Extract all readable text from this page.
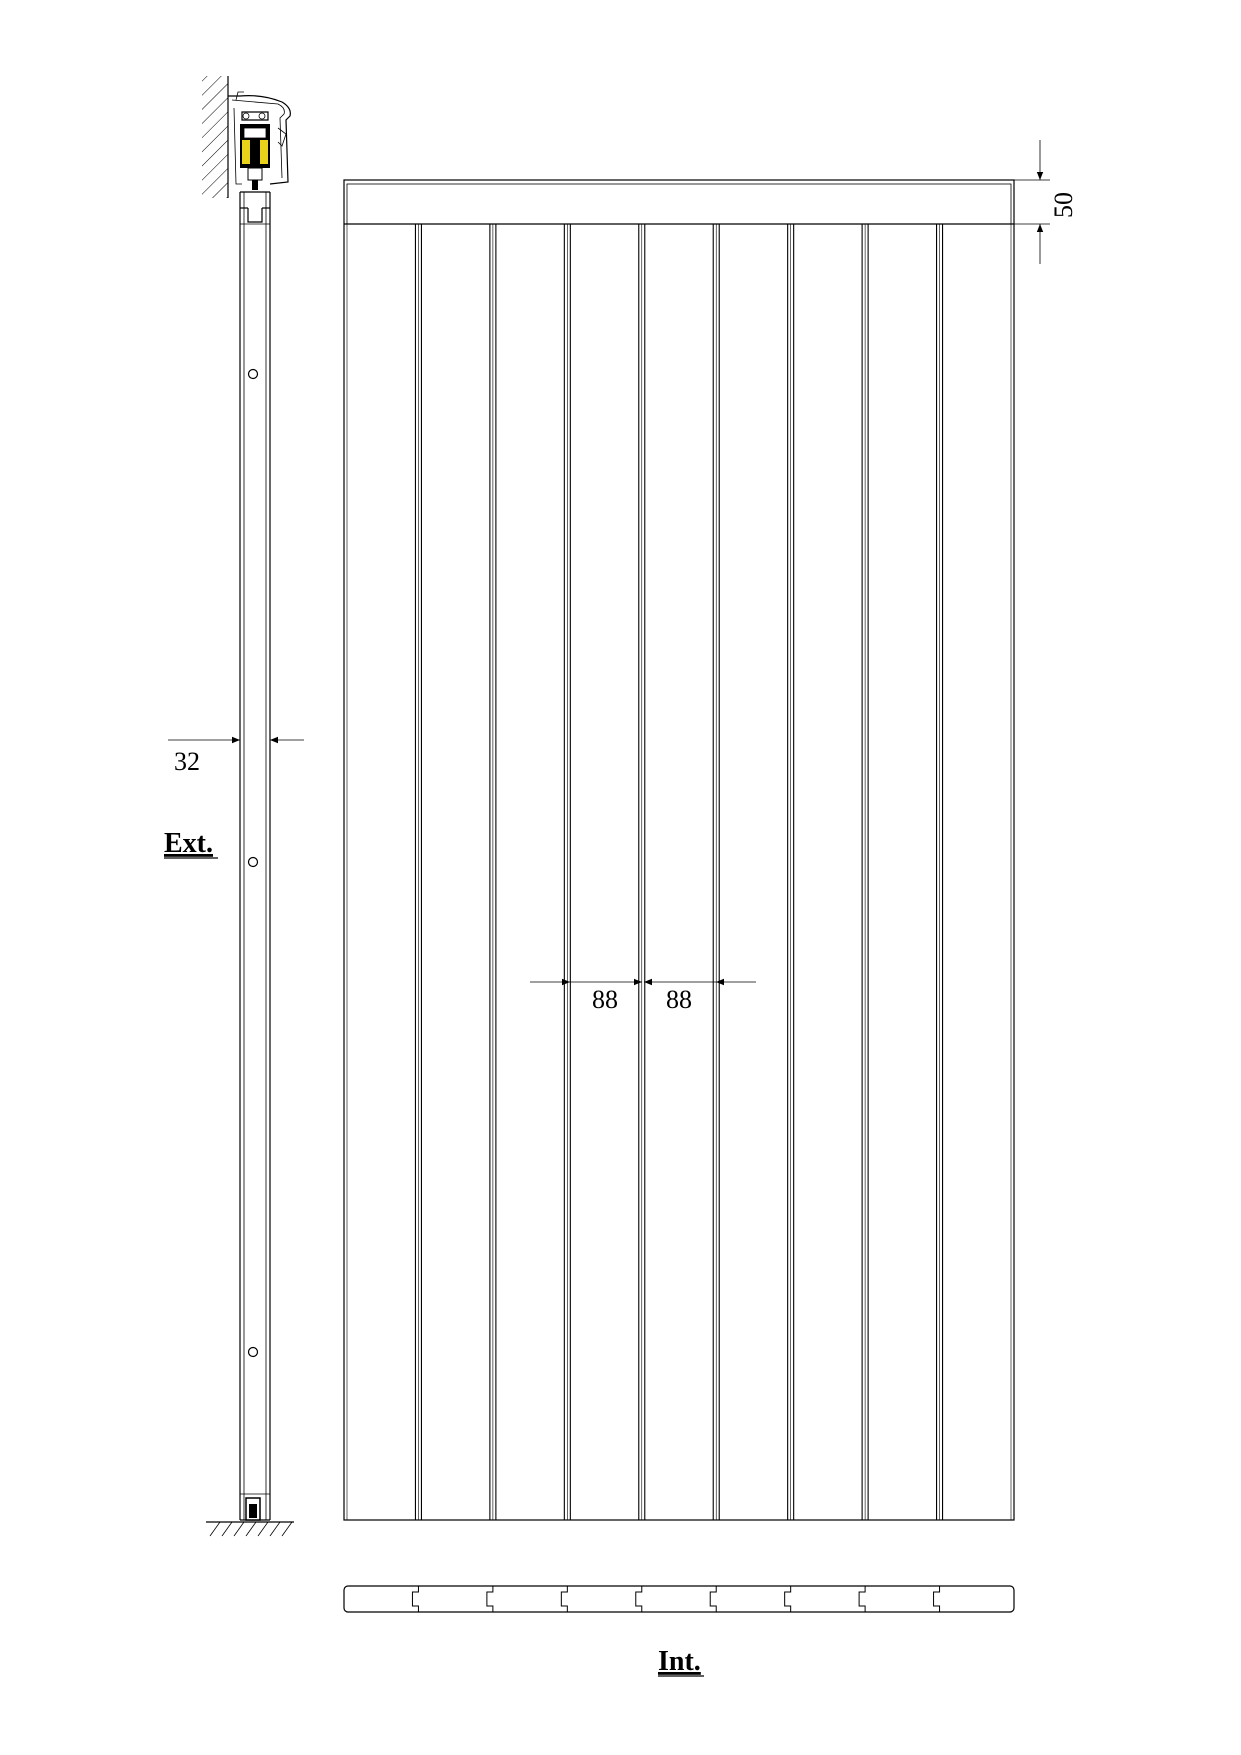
32
Ext.
50
88 88
Int.
